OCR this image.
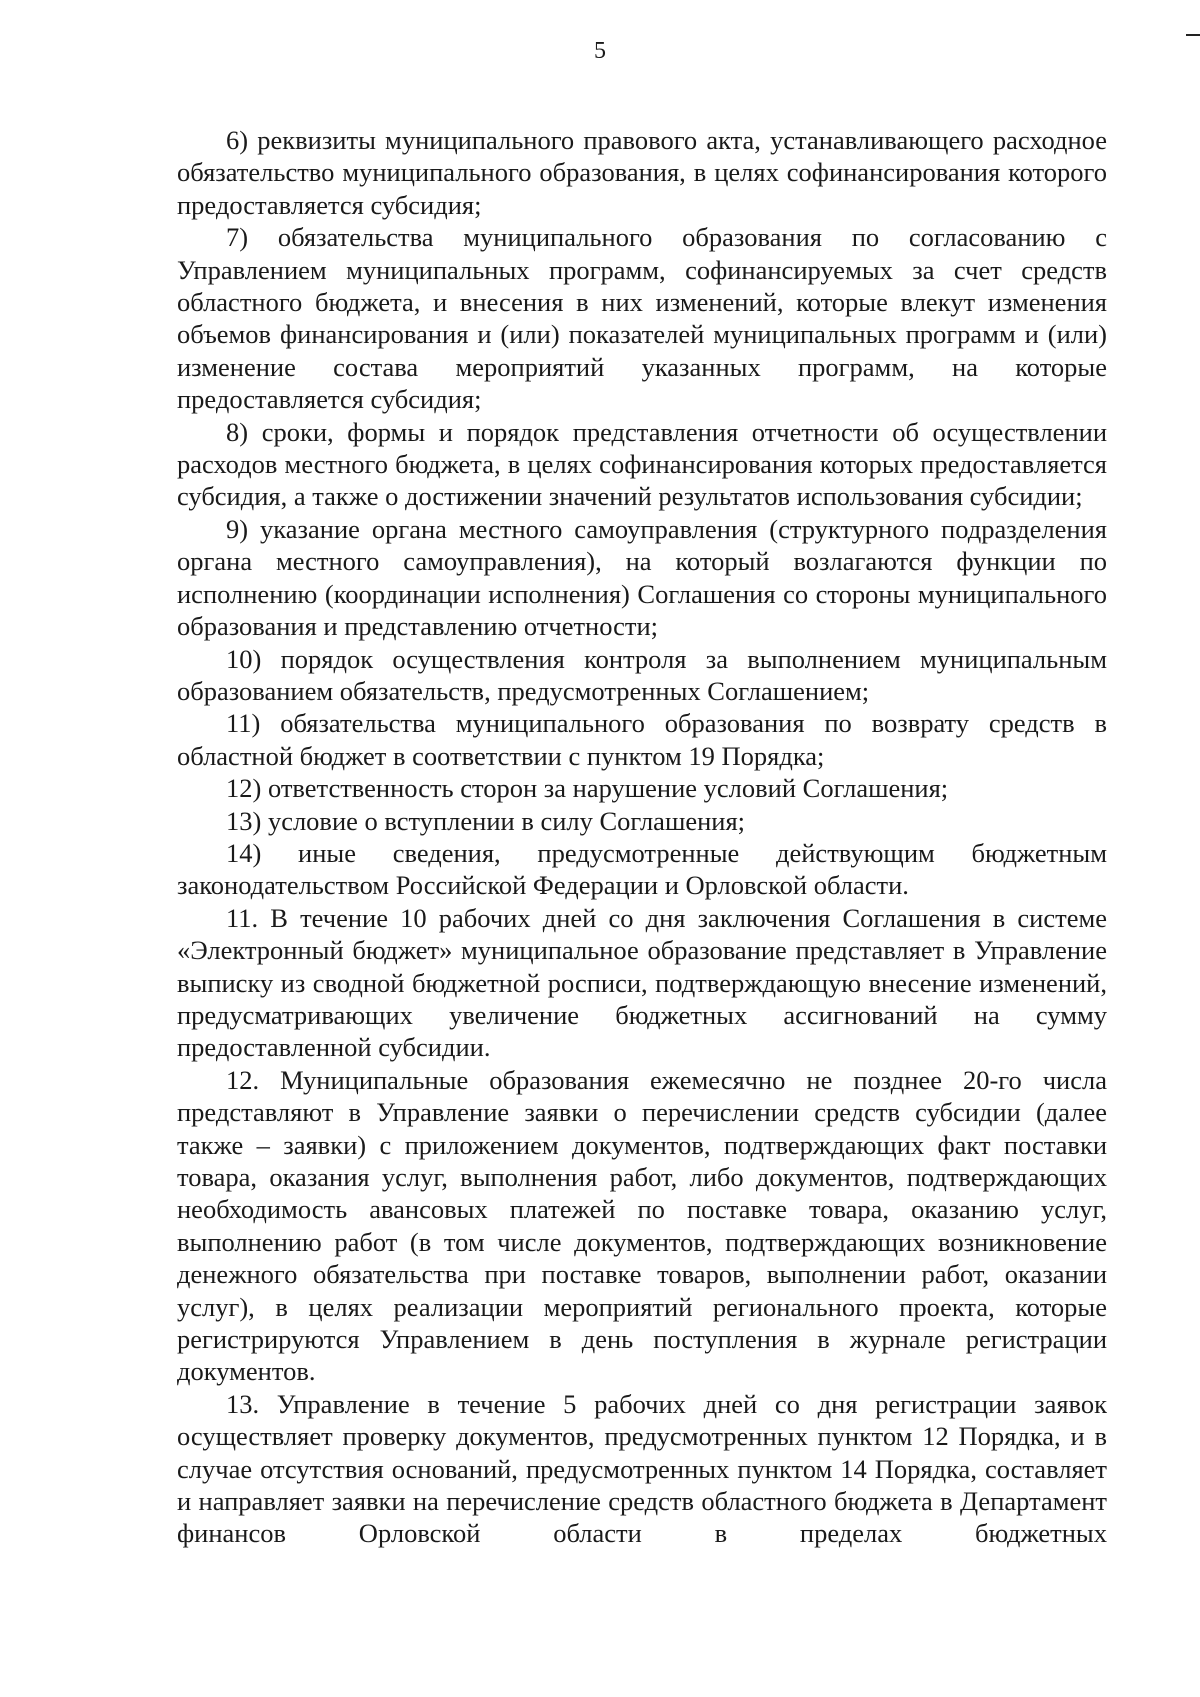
5

6) реквизиты муниципального правового акта, устанавливающего расходное обязательство муниципального образования, в целях софинансирования которого предоставляется субсидия;

7) обязательства муниципального образования по согласованию с Управлением муниципальных программ, софинансируемых за счет средств областного бюджета, и внесения в них изменений, которые влекут изменения объемов финансирования и (или) показателей муниципальных программ и (или) изменение состава мероприятий указанных программ, на которые предоставляется субсидия;

8) сроки, формы и порядок представления отчетности об осуществлении расходов местного бюджета, в целях софинансирования которых предоставляется субсидия, а также о достижении значений результатов использования субсидии;

9) указание органа местного самоуправления (структурного подразделения органа местного самоуправления), на который возлагаются функции по исполнению (координации исполнения) Соглашения со стороны муниципального образования и представлению отчетности;

10) порядок осуществления контроля за выполнением муниципальным образованием обязательств, предусмотренных Соглашением;

11) обязательства муниципального образования по возврату средств в областной бюджет в соответствии с пунктом 19 Порядка;

12) ответственность сторон за нарушение условий Соглашения;

13) условие о вступлении в силу Соглашения;

14) иные сведения, предусмотренные действующим бюджетным законодательством Российской Федерации и Орловской области.

11. В течение 10 рабочих дней со дня заключения Соглашения в системе «Электронный бюджет» муниципальное образование представляет в Управление выписку из сводной бюджетной росписи, подтверждающую внесение изменений, предусматривающих увеличение бюджетных ассигнований на сумму предоставленной субсидии.

12. Муниципальные образования ежемесячно не позднее 20-го числа представляют в Управление заявки о перечислении средств субсидии (далее также – заявки) с приложением документов, подтверждающих факт поставки товара, оказания услуг, выполнения работ, либо документов, подтверждающих необходимость авансовых платежей по поставке товара, оказанию услуг, выполнению работ (в том числе документов, подтверждающих возникновение денежного обязательства при поставке товаров, выполнении работ, оказании услуг), в целях реализации мероприятий регионального проекта, которые регистрируются Управлением в день поступления в журнале регистрации документов.

13. Управление в течение 5 рабочих дней со дня регистрации заявок осуществляет проверку документов, предусмотренных пунктом 12 Порядка, и в случае отсутствия оснований, предусмотренных пунктом 14 Порядка, составляет и направляет заявки на перечисление средств областного бюджета в Департамент финансов Орловской области в пределах бюджетных
